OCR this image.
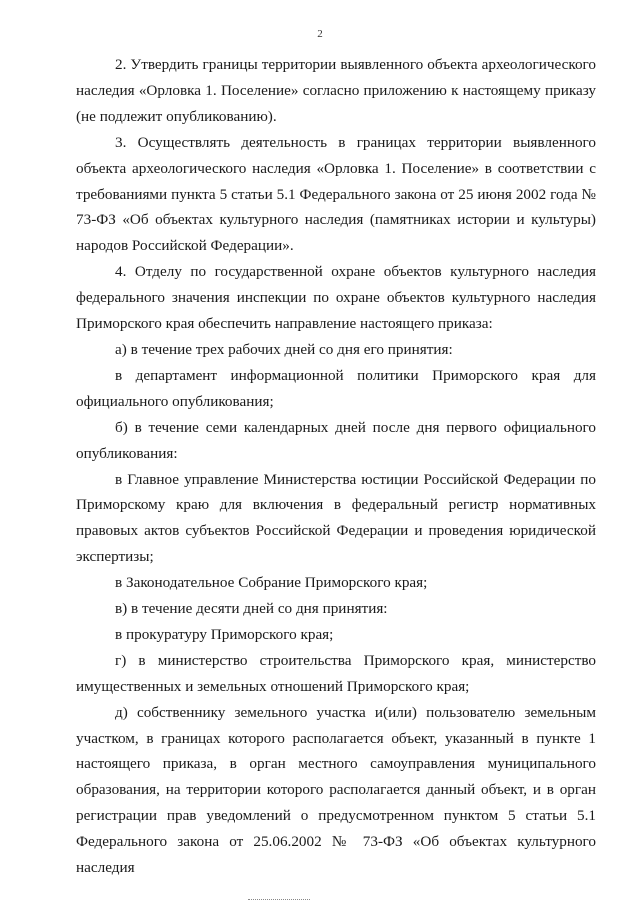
2

2. Утвердить границы территории выявленного объекта археологического наследия «Орловка 1. Поселение» согласно приложению к настоящему приказу (не подлежит опубликованию).

3. Осуществлять деятельность в границах территории выявленного объекта археологического наследия «Орловка 1. Поселение» в соответствии с требованиями пункта 5 статьи 5.1 Федерального закона от 25 июня 2002 года № 73-ФЗ «Об объектах культурного наследия (памятниках истории и культуры) народов Российской Федерации».

4. Отделу по государственной охране объектов культурного наследия федерального значения инспекции по охране объектов культурного наследия Приморского края обеспечить направление настоящего приказа:

а) в течение трех рабочих дней со дня его принятия:

в департамент информационной политики Приморского края для официального опубликования;

б) в течение семи календарных дней после дня первого официального опубликования:

в Главное управление Министерства юстиции Российской Федерации по Приморскому краю для включения в федеральный регистр нормативных правовых актов субъектов Российской Федерации и проведения юридической экспертизы;

в Законодательное Собрание Приморского края;

в) в течение десяти дней со дня принятия:

в прокуратуру Приморского края;

г) в министерство строительства Приморского края, министерство имущественных и земельных отношений Приморского края;

д) собственнику земельного участка и(или) пользователю земельным участком, в границах которого располагается объект, указанный в пункте 1 настоящего приказа, в орган местного самоуправления муниципального образования, на территории которого располагается данный объект, и в орган регистрации прав уведомлений о предусмотренном пунктом 5 статьи 5.1 Федерального закона от 25.06.2002 № 73-ФЗ «Об объектах культурного наследия
